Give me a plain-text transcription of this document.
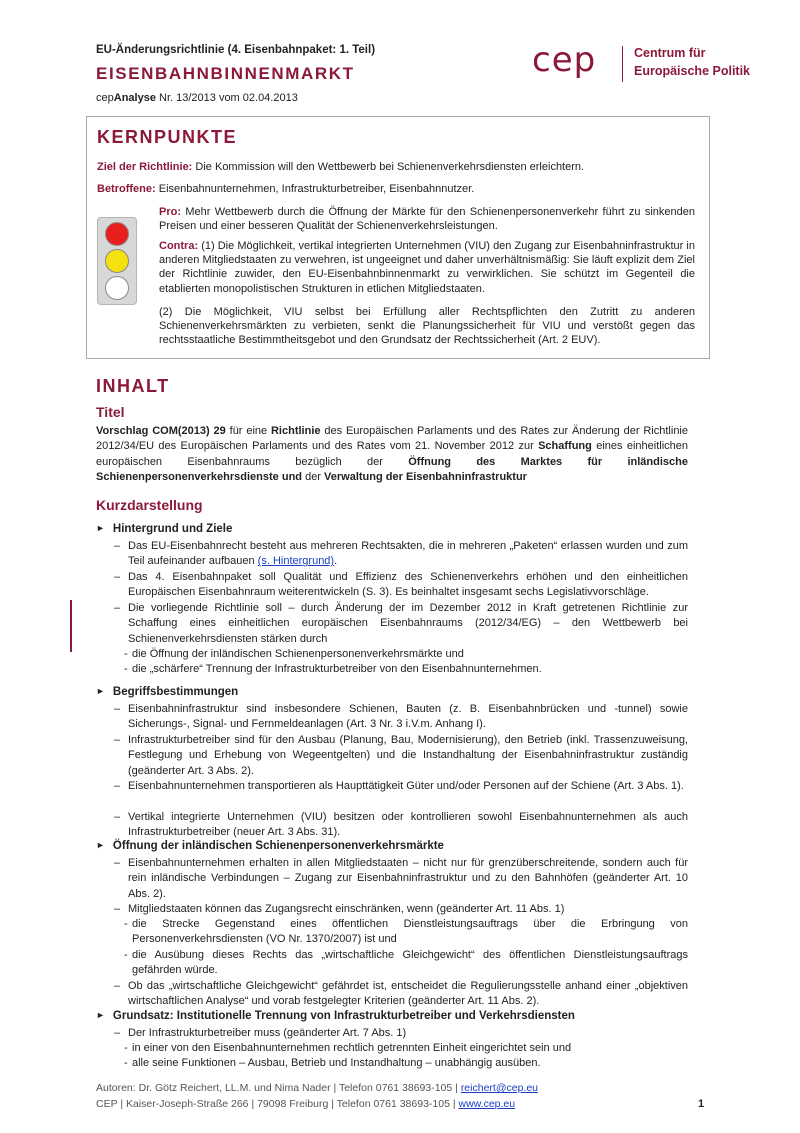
EU-Änderungsrichtlinie (4. Eisenbahnpaket: 1. Teil)
EISENBAHNBINNENMARKT
cepAnalyse Nr. 13/2013 vom 02.04.2013
cep	Centrum für
Europäische Politik
KERNPUNKTE
Ziel der Richtlinie: Die Kommission will den Wettbewerb bei Schienenverkehrsdiensten erleichtern.
Betroffene: Eisenbahnunternehmen, Infrastrukturbetreiber, Eisenbahnnutzer.
Pro: Mehr Wettbewerb durch die Öffnung der Märkte für den Schienenpersonenverkehr führt zu sinkenden Preisen und einer besseren Qualität der Schienenverkehrsleistungen.
Contra: (1) Die Möglichkeit, vertikal integrierten Unternehmen (VIU) den Zugang zur Eisenbahninfrastruktur in anderen Mitgliedstaaten zu verwehren, ist ungeeignet und daher unverhältnismäßig: Sie läuft explizit dem Ziel der Richtlinie zuwider, den EU-Eisenbahnbinnenmarkt zu verwirklichen. Sie schützt im Gegenteil die etablierten monopolistischen Strukturen in etlichen Mitgliedstaaten.
(2) Die Möglichkeit, VIU selbst bei Erfüllung aller Rechtspflichten den Zutritt zu anderen Schienenverkehrsmärkten zu verbieten, senkt die Planungssicherheit für VIU und verstößt gegen das rechtsstaatliche Bestimmtheitsgebot und den Grundsatz der Rechtssicherheit (Art. 2 EUV).
INHALT
Titel
Vorschlag COM(2013) 29 für eine Richtlinie des Europäischen Parlaments und des Rates zur Änderung der Richtlinie 2012/34/EU des Europäischen Parlaments und des Rates vom 21. November 2012 zur Schaffung eines einheitlichen europäischen Eisenbahnraums bezüglich der Öffnung des Marktes für inländische Schienenpersonenverkehrsdienste und der Verwaltung der Eisenbahninfrastruktur
Kurzdarstellung
► Hintergrund und Ziele
– Das EU-Eisenbahnrecht besteht aus mehreren Rechtsakten, die in mehreren „Paketen“ erlassen wurden und zum Teil aufeinander aufbauen (s. Hintergrund).
– Das 4. Eisenbahnpaket soll Qualität und Effizienz des Schienenverkehrs erhöhen und den einheitlichen Europäischen Eisenbahnraum weiterentwickeln (S. 3). Es beinhaltet insgesamt sechs Legislativvorschläge.
– Die vorliegende Richtlinie soll – durch Änderung der im Dezember 2012 in Kraft getretenen Richtlinie zur Schaffung eines einheitlichen europäischen Eisenbahnraums (2012/34/EG) – den Wettbewerb bei Schienenverkehrsdiensten stärken durch
- die Öffnung der inländischen Schienenpersonenverkehrsmärkte und
- die „schärfere“ Trennung der Infrastrukturbetreiber von den Eisenbahnunternehmen.
► Begriffsbestimmungen
– Eisenbahninfrastruktur sind insbesondere Schienen, Bauten (z. B. Eisenbahnbrücken und -tunnel) sowie Sicherungs-, Signal- und Fernmeldeanlagen (Art. 3 Nr. 3 i.V.m. Anhang I).
– Infrastrukturbetreiber sind für den Ausbau (Planung, Bau, Modernisierung), den Betrieb (inkl. Trassenzuweisung, Festlegung und Erhebung von Wegeentgelten) und die Instandhaltung der Eisenbahninfrastruktur zuständig (geänderter Art. 3 Abs. 2).
– Eisenbahnunternehmen transportieren als Haupttätigkeit Güter und/oder Personen auf der Schiene (Art. 3 Abs. 1).
– Vertikal integrierte Unternehmen (VIU) besitzen oder kontrollieren sowohl Eisenbahnunternehmen als auch Infrastrukturbetreiber (neuer Art. 3 Abs. 31).
► Öffnung der inländischen Schienenpersonenverkehrsmärkte
– Eisenbahnunternehmen erhalten in allen Mitgliedstaaten – nicht nur für grenzüberschreitende, sondern auch für rein inländische Verbindungen – Zugang zur Eisenbahninfrastruktur und zu den Bahnhöfen (geänderter Art. 10 Abs. 2).
– Mitgliedstaaten können das Zugangsrecht einschränken, wenn (geänderter Art. 11 Abs. 1)
- die Strecke Gegenstand eines öffentlichen Dienstleistungsauftrags über die Erbringung von Personenverkehrsdiensten (VO Nr. 1370/2007) ist und
- die Ausübung dieses Rechts das „wirtschaftliche Gleichgewicht“ des öffentlichen Dienstleistungsauftrags gefährden würde.
– Ob das „wirtschaftliche Gleichgewicht“ gefährdet ist, entscheidet die Regulierungsstelle anhand einer „objektiven wirtschaftlichen Analyse“ und vorab festgelegter Kriterien (geänderter Art. 11 Abs. 2).
► Grundsatz: Institutionelle Trennung von Infrastrukturbetreiber und Verkehrsdiensten
– Der Infrastrukturbetreiber muss (geänderter Art. 7 Abs. 1)
- in einer von den Eisenbahnunternehmen rechtlich getrennten Einheit eingerichtet sein und
- alle seine Funktionen – Ausbau, Betrieb und Instandhaltung – unabhängig ausüben.
Autoren: Dr. Götz Reichert, LL.M. und Nima Nader | Telefon 0761 38693-105 | reichert@cep.eu
CEP | Kaiser-Joseph-Straße 266 | 79098 Freiburg | Telefon 0761 38693-105 | www.cep.eu	1
